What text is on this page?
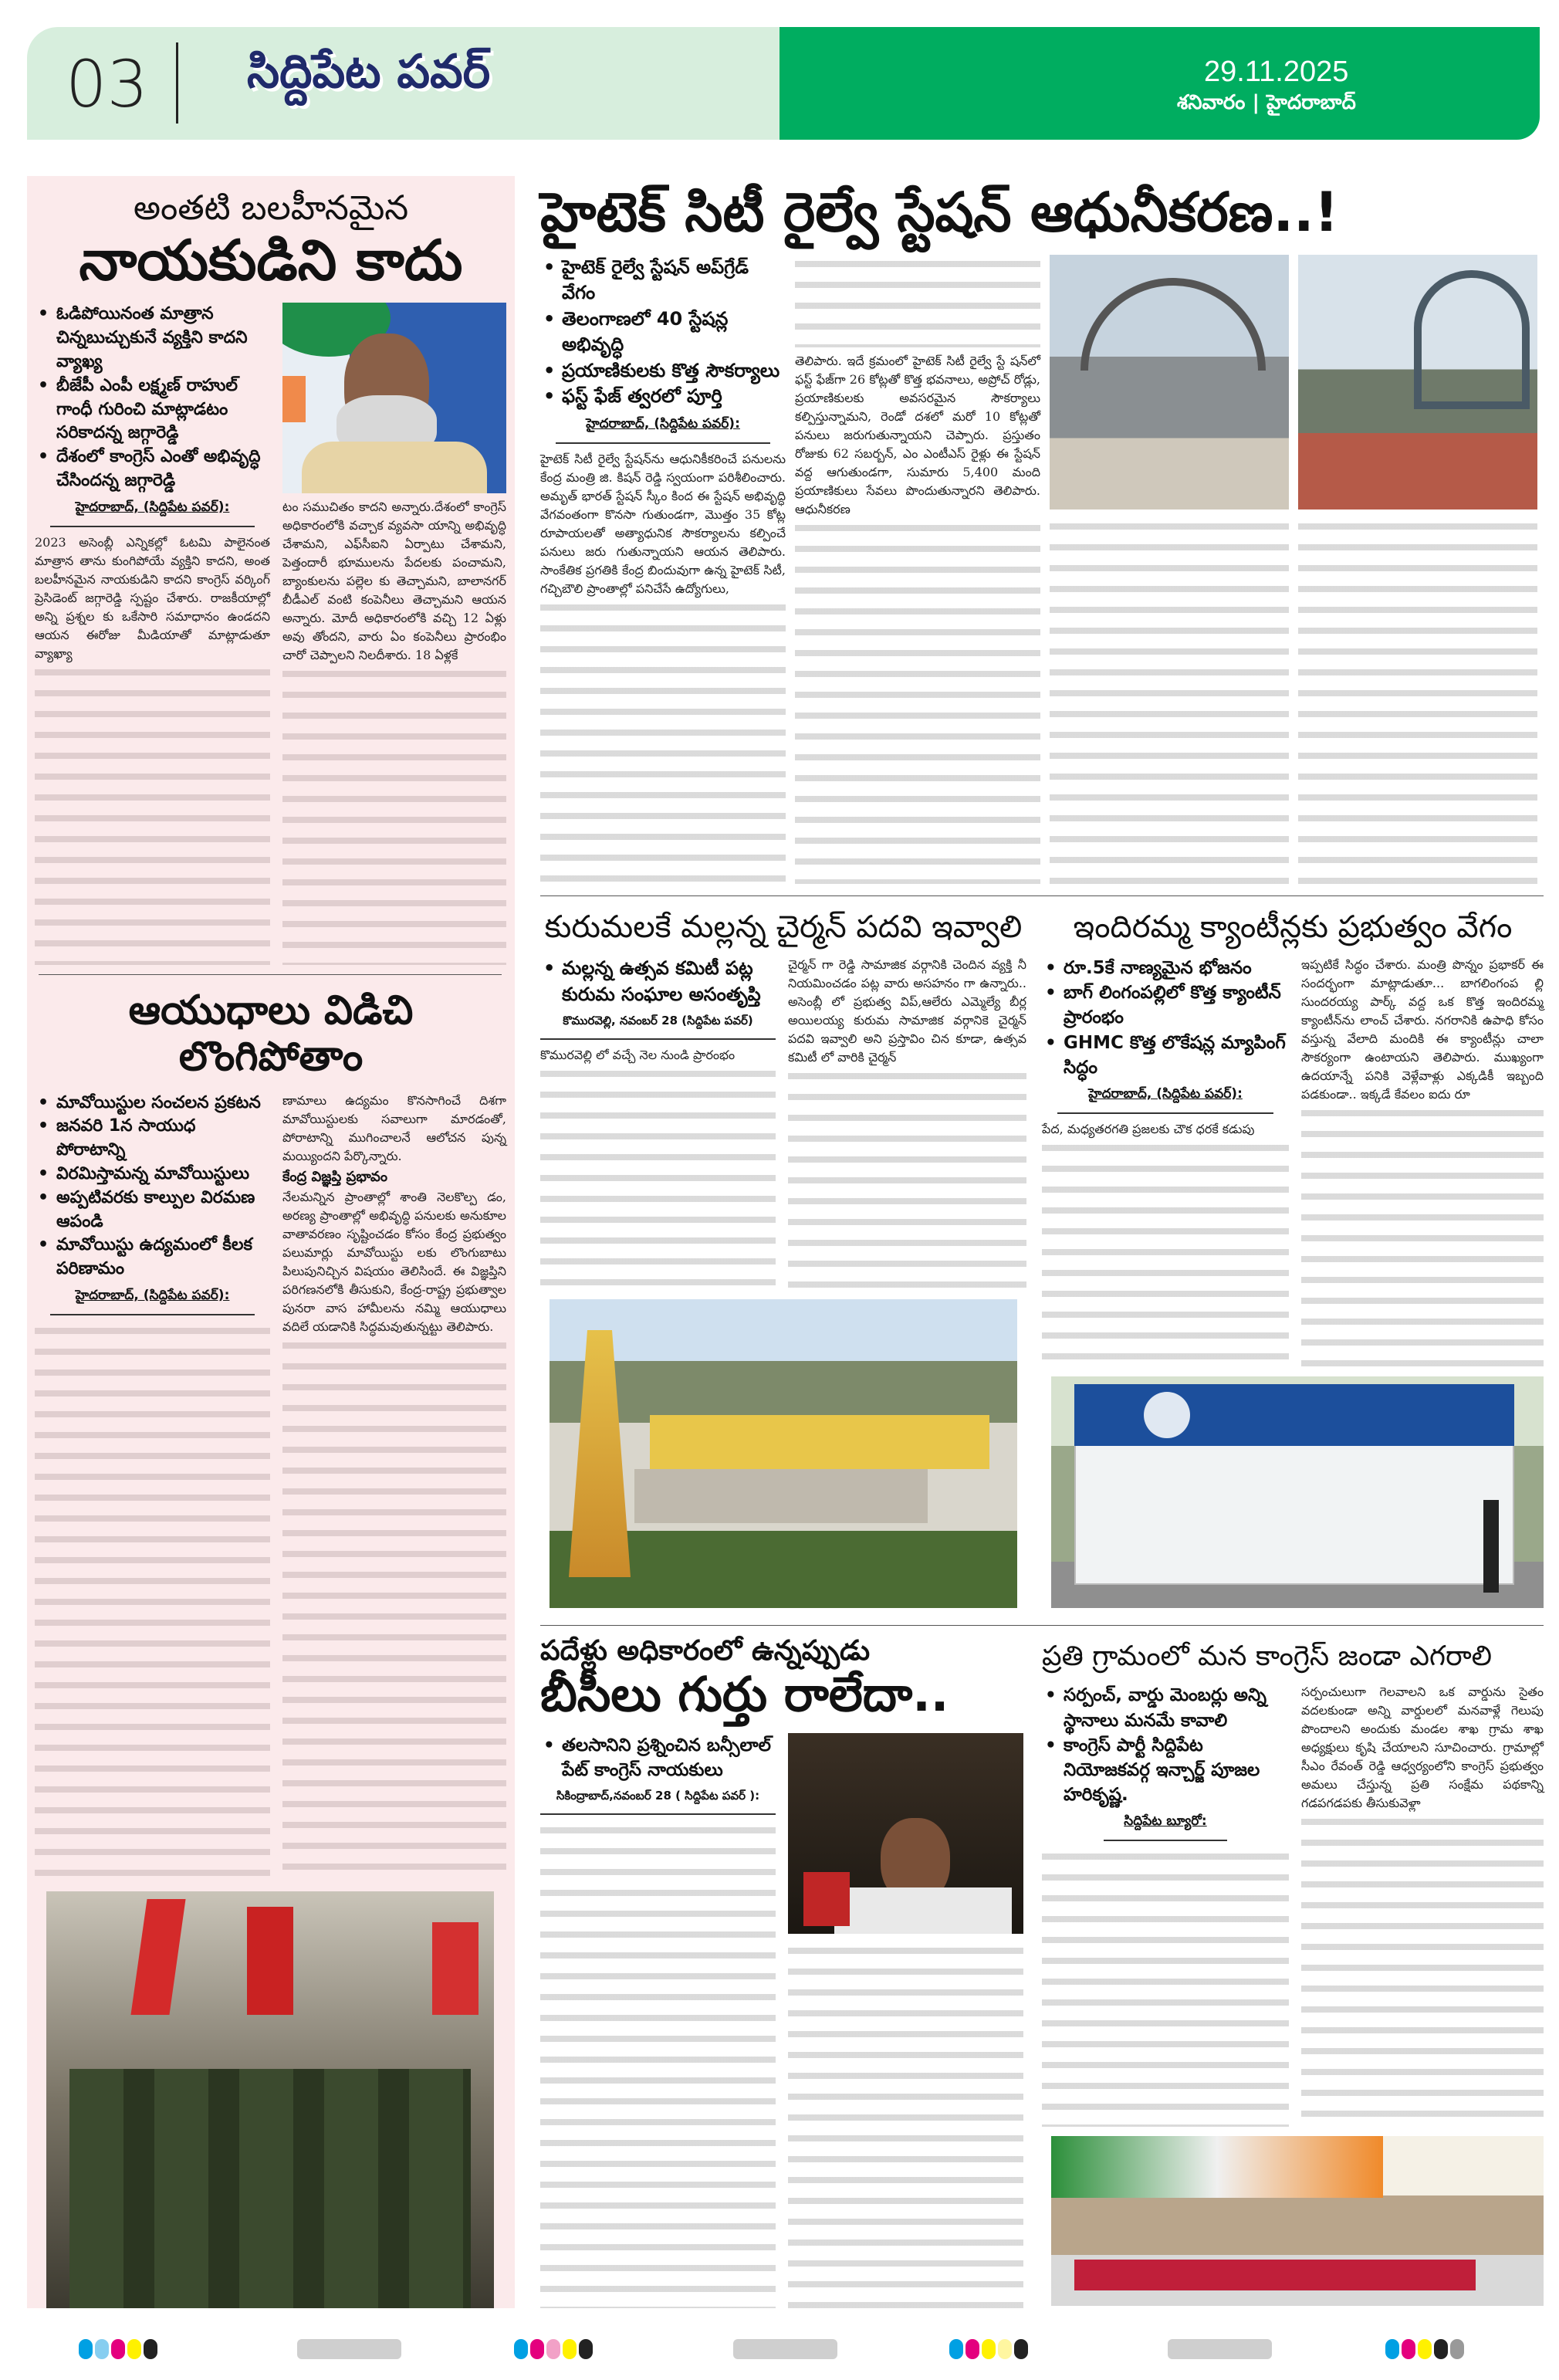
03 సిద్దిపేట పవర్	29.11.2025
శనివారం | హైదరాబాద్
అంతటి బలహీనమైన
నాయకుడిని కాదు
• ఓడిపోయినంత మాత్రాన చిన్నబుచ్చుకునే వ్యక్తిని కాదని వ్యాఖ్య
• బీజేపీ ఎంపీ లక్ష్మణ్ రాహుల్ గాంధీ గురించి మాట్లాడటం సరికాదన్న జగ్గారెడ్డి
• దేశంలో కాంగ్రెస్ ఎంతో అభివృద్ధి చేసిందన్న జగ్గారెడ్డి
హైదరాబాద్, (సిద్దిపేట పవర్):
2023 అసెంబ్లీ ఎన్నికల్లో ఓటమి పాలైనంత మాత్రాన తాను కుంగిపోయే వ్యక్తిని కాదని, అంత బలహీనమైన నాయకుడిని కాదని కాంగ్రెస్ వర్కింగ్ ప్రెసిడెంట్ జగ్గారెడ్డి స్పష్టం చేశారు. రాజకీయాల్లో అన్ని ప్రశ్నల కు ఒకేసారి సమాధానం ఉండదని ఆయన ఈరోజు మీడియాతో మాట్లాడుతూ వ్యాఖ్యా
టం సముచితం కాదని అన్నారు.దేశంలో కాంగ్రెస్ అధికారంలోకి వచ్చాక వ్యవసా యాన్ని అభివృద్ధి చేశామని, ఎఫ్‌సీఐని ఏర్పాటు చేశామని, పెత్తందారీ భూములను పేదలకు పంచామని, బ్యాంకులను పల్లెల కు తెచ్చామని, బాలానగర్ బీడీఎల్ వంటి కంపెనీలు తెచ్చామని ఆయన అన్నారు. మోదీ అధికారంలోకి వచ్చి 12 ఏళ్లు అవు తోందని, వారు ఏం కంపెనీలు ప్రారంభిం చారో చెప్పాలని నిలదీశారు. 18 ఏళ్లకే
ఆయుధాలు విడిచి లొంగిపోతాం
• మావోయిస్టుల సంచలన ప్రకటన
• జనవరి 1న సాయుధ పోరాటాన్ని
• విరమిస్తామన్న మావోయిస్టులు
• అప్పటివరకు కాల్పుల విరమణ ఆపండి
• మావోయిస్టు ఉద్యమంలో కీలక పరిణామం
హైదరాబాద్, (సిద్దిపేట పవర్):
ణామాలు ఉద్యమం కొనసాగించే దిశగా మావోయిస్టులకు సవాలుగా మారడంతో, పోరాటాన్ని ముగించాలనే ఆలోచన పున్న మయ్యిందని పేర్కొన్నారు.
కేంద్ర విజ్ఞప్తి ప్రభావం
నేలమన్నిన ప్రాంతాల్లో శాంతి నెలకొల్ప డం, అరణ్య ప్రాంతాల్లో అభివృద్ధి పనులకు అనుకూల వాతావరణం సృష్టించడం కోసం కేంద్ర ప్రభుత్వం పలుమార్లు మావోయిస్టు లకు లొంగుబాటు పిలుపునిచ్చిన విషయం తెలిసిందే. ఈ విజ్ఞప్తిని పరిగణనలోకి తీసుకుని, కేంద్ర-రాష్ట్ర ప్రభుత్వాల పునరా వాస హామీలను నమ్మి ఆయుధాలు వదిలే యడానికి సిద్ధమవుతున్నట్టు తెలిపారు.
హైటెక్ సిటీ రైల్వే స్టేషన్ ఆధునీకరణ..!
• హైటెక్ రైల్వే స్టేషన్ అప్‌గ్రేడ్ వేగం
• తెలంగాణలో 40 స్టేషన్ల అభివృద్ధి
• ప్రయాణికులకు కొత్త సౌకర్యాలు
• ఫస్ట్ ఫేజ్ త్వరలో పూర్తి
హైదరాబాద్, (సిద్దిపేట పవర్):
హైటెక్ సిటీ రైల్వే స్టేషన్‌ను ఆధునికీకరించే పనులను కేంద్ర మంత్రి జి. కిషన్ రెడ్డి స్వయంగా పరిశీలించారు. అమృత్ భారత్ స్టేషన్ స్కీం కింద ఈ స్టేషన్ అభివృద్ధి వేగవంతంగా కొనసా గుతుండగా, మొత్తం 35 కోట్ల రూపాయలతో అత్యాధునిక సౌకర్యాలను కల్పించే పనులు జరు గుతున్నాయని ఆయన తెలిపారు. సాంకేతిక ప్రగతికి కేంద్ర బిందువుగా ఉన్న హైటెక్ సిటీ, గచ్చిబౌలి ప్రాంతాల్లో పనిచేసే ఉద్యోగులు,
తెలిపారు. ఇదే క్రమంలో హైటెక్ సిటీ రైల్వే స్టే షన్‌లో ఫస్ట్ ఫేజ్‌గా 26 కోట్లతో కొత్త భవనాలు, అప్రోచ్ రోడ్లు, ప్రయాణికులకు అవసరమైన సౌకర్యాలు కల్పిస్తున్నామని, రెండో దశలో మరో 10 కోట్లతో పనులు జరుగుతున్నాయని చెప్పారు. ప్రస్తుతం రోజుకు 62 సబర్బన్, ఎం ఎంటీఎస్ రైళ్లు ఈ స్టేషన్ వద్ద ఆగుతుండగా, సుమారు 5,400 మంది ప్రయాణికులు సేవలు పొందుతున్నారని తెలిపారు. ఆధునీకరణ
కురుమలకే మల్లన్న చైర్మన్ పదవి ఇవ్వాలి
• మల్లన్న ఉత్సవ కమిటీ పట్ల కురుమ సంఘాల అసంతృప్తి
కొమురవెల్లి, నవంబర్ 28 (సిద్దిపేట పవర్)
కొమురవెల్లి లో వచ్చే నెల నుండి ప్రారంభం
చైర్మన్ గా రెడ్డి సామాజిక వర్గానికి చెందిన వ్యక్తి నీ నియమించడం పట్ల వారు అసహనం గా ఉన్నారు.. అసెంబ్లీ లో ప్రభుత్వ విప్,ఆలేరు ఎమ్మెల్యే బీర్ల అయిలయ్య కురుమ సామాజిక వర్గానికె చైర్మన్ పదవి ఇవ్వాలి అని ప్రస్తావిం చిన కూడా, ఉత్సవ కమిటీ లో వారికి చైర్మన్
ఇందిరమ్మ క్యాంటీన్లకు ప్రభుత్వం వేగం
• రూ.5కే నాణ్యమైన భోజనం
• బాగ్ లింగంపల్లిలో కొత్త క్యాంటీన్ ప్రారంభం
• GHMC కొత్త లొకేషన్ల మ్యాపింగ్ సిద్ధం
హైదరాబాద్, (సిద్దిపేట పవర్):
పేద, మధ్యతరగతి ప్రజలకు చౌక ధరకే కడుపు
ఇప్పటికే సిద్ధం చేశారు. మంత్రి పొన్నం ప్రభాకర్ ఈ సందర్భంగా మాట్లాడుతూ... బాగలింగంప ల్లి సుందరయ్య పార్క్ వద్ద ఒక కొత్త ఇందిరమ్మ క్యాంటీన్‌ను లాంచ్ చేశారు. నగరానికి ఉపాధి కోసం వస్తున్న వేలాది మందికి ఈ క్యాంటీన్లు చాలా సౌకర్యంగా ఉంటాయని తెలిపారు. ముఖ్యంగా ఉదయాన్నే పనికి వెళ్లేవాళ్లు ఎక్కడికీ ఇబ్బంది పడకుండా.. ఇక్కడే కేవలం ఐదు రూ
పదేళ్లు అధికారంలో ఉన్నప్పుడు
బీసీలు గుర్తు రాలేదా..
• తలసానిని ప్రశ్నించిన బన్సీలాల్ పేట్ కాంగ్రెస్ నాయకులు
సికింద్రాబాద్,నవంబర్ 28 ( సిద్దిపేట పవర్ ):
ప్రతి గ్రామంలో మన కాంగ్రెస్ జండా ఎగరాలి
• సర్పంచ్, వార్డు మెంబర్లు అన్ని స్థానాలు మనమే కావాలి
• కాంగ్రెస్ పార్టీ సిద్దిపేట నియోజకవర్గ ఇన్చార్జ్ పూజల హరికృష్ణ.
సిద్దిపేట బ్యూరో:
సర్పంచులుగా గెలవాలని ఒక వార్డును సైతం వదలకుండా అన్ని వార్డులలో మనవాళ్లే గెలుపు పొందాలని అందుకు మండల శాఖ గ్రామ శాఖ అధ్యక్షులు కృషి చేయాలని సూచించారు. గ్రామాల్లో సీఎం రేవంత్ రెడ్డి ఆధ్వర్యంలోని కాంగ్రెస్ ప్రభుత్వం అమలు చేస్తున్న ప్రతి సంక్షేమ పథకాన్ని గడపగడపకు తీసుకువెళ్లా
